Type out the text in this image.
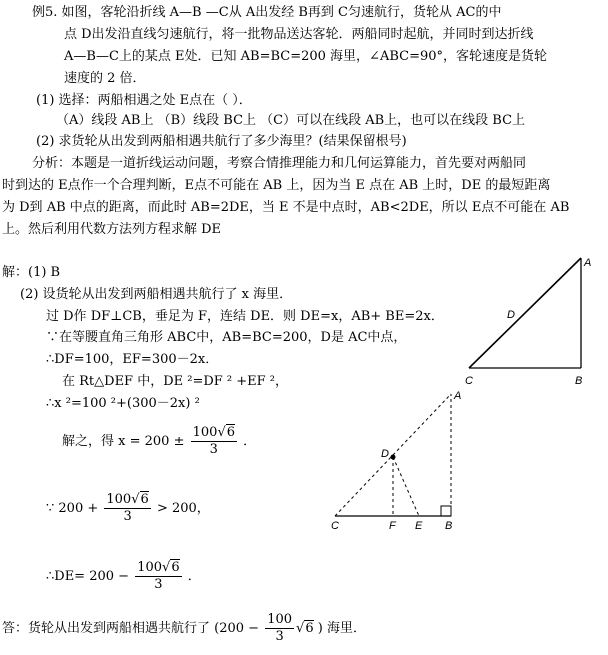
例5. 如图，客轮沿折线 A—B —C从 A出发经 B再到 C匀速航行，货轮从 AC的中
点 D出发沿直线匀速航行，将一批物品送达客轮．两船同时起航，并同时到达折线
A—B—C上的某点 E处．已知 AB=BC=200 海里，∠ABC=90°，客轮速度是货轮
速度的 2 倍．
(1) 选择：两船相遇之处 E点在（ ）．
（A）线段 AB上 （B）线段 BC上 （C）可以在线段 AB上，也可以在线段 BC上
(2) 求货轮从出发到两船相遇共航行了多少海里？(结果保留根号)
分析：本题是一道折线运动问题，考察合情推理能力和几何运算能力，首先要对两船同
时到达的 E点作一个合理判断，E点不可能在 AB 上，因为当 E 点在 AB 上时，DE 的最短距离
为 D到 AB 中点的距离，而此时 AB=2DE，当 E 不是中点时，AB<2DE，所以 E点不可能在 AB
上。然后利用代数方法列方程求解 DE
解：(1) B
(2) 设货轮从出发到两船相遇共航行了 x 海里．
过 D作 DF⊥CB，垂足为 F，连结 DE．则 DE=x，AB+ BE=2x．
∵在等腰直角三角形 ABC中，AB=BC=200，D是 AC中点，
∴DF=100，EF=300－2x．
在 Rt△DEF 中，DE ²=DF ² +EF ²，
∴x ²=100 ²+(300－2x) ²
解之，得 $x = 200 \pm \frac{100√6}{3}$ ．
∵ $200 + \frac{100√6}{3} > 200$，
∴DE= $200 - \frac{100√6}{3}$ ．
答：货轮从出发到两船相遇共航行了 ($200 - \frac{100}{3} √6$ ) 海里．
A
B
C
D
A
B
C
D
F E
